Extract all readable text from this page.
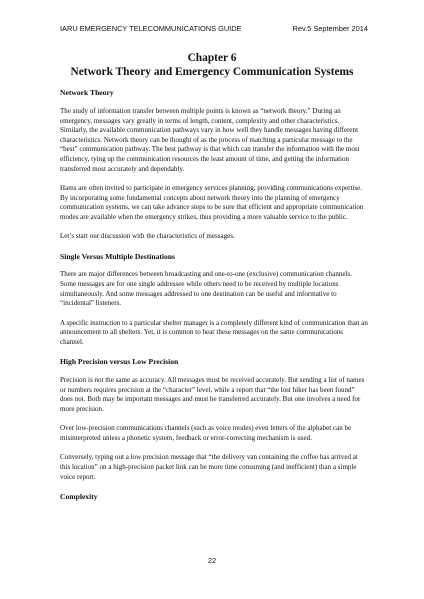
IARU EMERGENCY TELECOMMUNICATIONS GUIDE	Rev.5 September 2014
Chapter 6
Network Theory and Emergency Communication Systems
Network Theory

The study of information transfer between multiple points is known as “network theory.” During an emergency, messages vary greatly in terms of length, content, complexity and other characteristics. Similarly, the available communication pathways vary in how well they handle messages having different characteristics. Network theory can be thought of as the process of matching a particular message to the “best” communication pathway. The best pathway is that which can transfer the information with the most efficiency, tying up the communication resources the least amount of time, and getting the information transferred most accurately and dependably.

Hams are often invited to participate in emergency services planning, providing communications expertise. By incorporating some fundamental concepts about network theory into the planning of emergency communication systems, we can take advance steps to be sure that efficient and appropriate communication modes are available when the emergency strikes, thus providing a more valuable service to the public.

Let’s start our discussion with the characteristics of messages.

Single Versus Multiple Destinations

There are major differences between broadcasting and one-to-one (exclusive) communication channels. Some messages are for one single addressee while others need to be received by multiple locations simultaneously. And some messages addressed to one destination can be useful and informative to “incidental” listeners.

A specific instruction to a particular shelter manager is a completely different kind of communication than an announcement to all shelters. Yet, it is common to hear these messages on the same communications channel.

High Precision versus Low Precision

Precision is not the same as accuracy. All messages must be received accurately. But sending a list of names or numbers requires precision at the “character” level, while a report that “the lost hiker has been found” does not. Both may be important messages and must be transferred accurately. But one involves a need for more precision.

Over low-precision communications channels (such as voice modes) even letters of the alphabet can be misinterpreted unless a phonetic system, feedback or error-correcting mechanism is used.

Conversely, typing out a low precision message that “the delivery van containing the coffee has arrived at this location” on a high-precision packet link can be more time consuming (and inefficient) than a simple voice report.

Complexity
22
